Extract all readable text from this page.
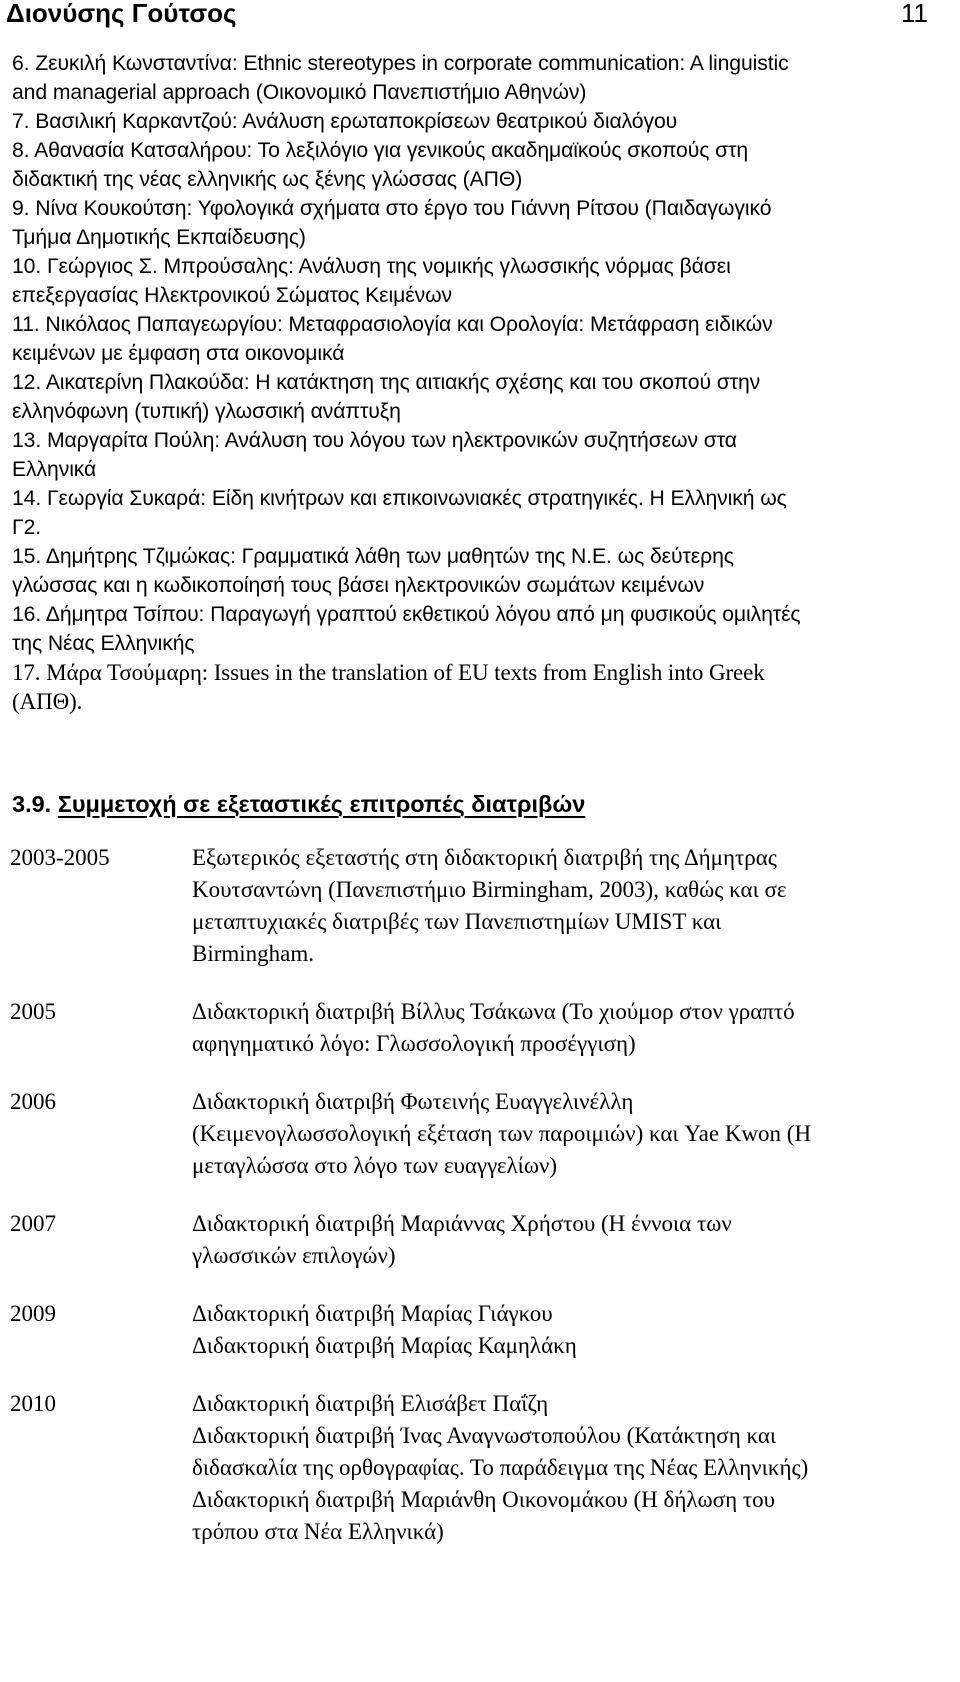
Διονύσης Γούτσος	11
6. Ζευκιλή Κωνσταντίνα: Ethnic stereotypes in corporate communication: A linguistic
and managerial approach (Οικονομικό Πανεπιστήμιο Αθηνών)
7. Βασιλική Καρκαντζού: Ανάλυση ερωταποκρίσεων θεατρικού διαλόγου
8. Αθανασία Κατσαλήρου: Το λεξιλόγιο για γενικούς ακαδημαϊκούς σκοπούς στη
διδακτική της νέας ελληνικής ως ξένης γλώσσας (ΑΠΘ)
9. Νίνα Κουκούτση: Υφολογικά σχήματα στο έργο του Γιάννη Ρίτσου (Παιδαγωγικό
Τμήμα Δημοτικής Εκπαίδευσης)
10. Γεώργιος Σ. Μπρούσαλης: Ανάλυση της νομικής γλωσσικής νόρμας βάσει
επεξεργασίας Ηλεκτρονικού Σώματος Κειμένων
11. Νικόλαος Παπαγεωργίου: Μεταφρασιολογία και Ορολογία: Μετάφραση ειδικών
κειμένων με έμφαση στα οικονομικά
12. Αικατερίνη Πλακούδα: Η κατάκτηση της αιτιακής σχέσης και του σκοπού στην
ελληνόφωνη (τυπική) γλωσσική ανάπτυξη
13. Μαργαρίτα Πούλη: Ανάλυση του λόγου των ηλεκτρονικών συζητήσεων στα
Ελληνικά
14. Γεωργία Συκαρά: Είδη κινήτρων και επικοινωνιακές στρατηγικές. Η Ελληνική ως
Γ2.
15. Δημήτρης Τζιμώκας: Γραμματικά λάθη των μαθητών της Ν.Ε. ως δεύτερης
γλώσσας και η κωδικοποίησή τους βάσει ηλεκτρονικών σωμάτων κειμένων
16. Δήμητρα Τσίπου: Παραγωγή γραπτού εκθετικού λόγου από μη φυσικούς ομιλητές
της Νέας Ελληνικής
17. Μάρα Τσούμαρη: Issues in the translation of EU texts from English into Greek
(ΑΠΘ).
3.9. Συμμετοχή σε εξεταστικές επιτροπές διατριβών
2003-2005	Εξωτερικός εξεταστής στη διδακτορική διατριβή της Δήμητρας
Κουτσαντώνη (Πανεπιστήμιο Birmingham, 2003), καθώς και σε
μεταπτυχιακές διατριβές των Πανεπιστημίων UMIST και
Birmingham.
2005	Διδακτορική διατριβή Βίλλυς Τσάκωνα (Το χιούμορ στον γραπτό
αφηγηματικό λόγο: Γλωσσολογική προσέγγιση)
2006	Διδακτορική διατριβή Φωτεινής Ευαγγελινέλλη
(Κειμενογλωσσολογική εξέταση των παροιμιών) και Yae Kwon (Η
μεταγλώσσα στο λόγο των ευαγγελίων)
2007	Διδακτορική διατριβή Μαριάννας Χρήστου (Η έννοια των
γλωσσικών επιλογών)
2009	Διδακτορική διατριβή Μαρίας Γιάγκου
Διδακτορική διατριβή Μαρίας Καμηλάκη
2010	Διδακτορική διατριβή Ελισάβετ Παΐζη
Διδακτορική διατριβή Ίνας Αναγνωστοπούλου (Κατάκτηση και
διδασκαλία της ορθογραφίας. Το παράδειγμα της Νέας Ελληνικής)
Διδακτορική διατριβή Μαριάνθη Οικονομάκου (Η δήλωση του
τρόπου στα Νέα Ελληνικά)
